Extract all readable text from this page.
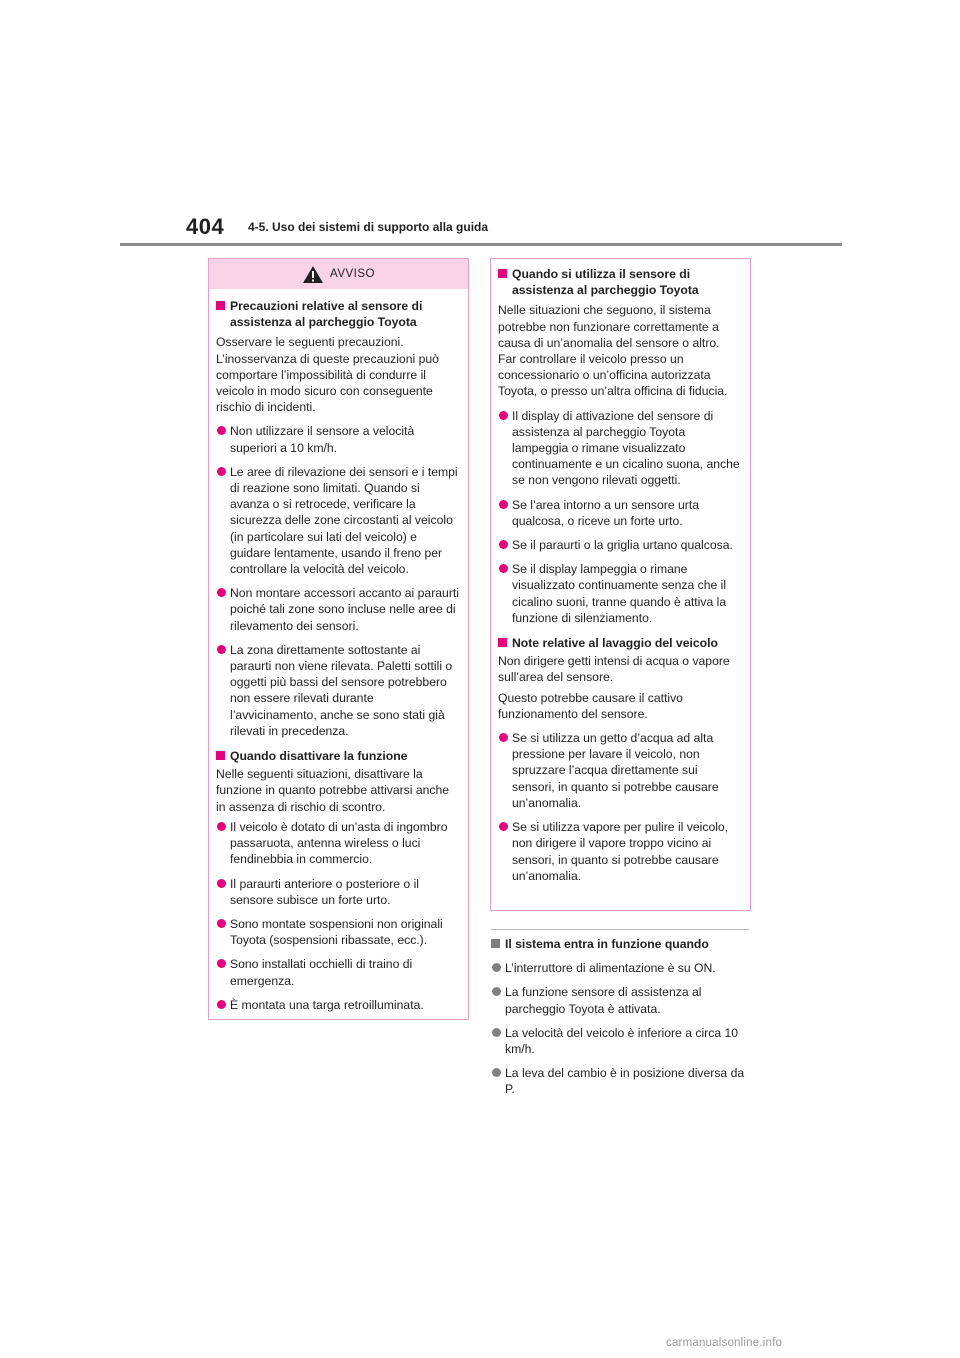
404 4-5. Uso dei sistemi di supporto alla guida
AVVISO
Precauzioni relative al sensore di assistenza al parcheggio Toyota

Osservare le seguenti precauzioni. L’inosservanza di queste precauzioni può comportare l’impossibilità di condurre il veicolo in modo sicuro con conseguente rischio di incidenti.

Non utilizzare il sensore a velocità superiori a 10 km/h.
Le aree di rilevazione dei sensori e i tempi di reazione sono limitati. Quando si avanza o si retrocede, verificare la sicurezza delle zone circostanti al veicolo (in particolare sui lati del veicolo) e guidare lentamente, usando il freno per controllare la velocità del veicolo.
Non montare accessori accanto ai paraurti poiché tali zone sono incluse nelle aree di rilevamento dei sensori.
La zona direttamente sottostante ai paraurti non viene rilevata. Paletti sottili o oggetti più bassi del sensore potrebbero non essere rilevati durante l’avvicinamento, anche se sono stati già rilevati in precedenza.
Quando disattivare la funzione

Nelle seguenti situazioni, disattivare la funzione in quanto potrebbe attivarsi anche in assenza di rischio di scontro.

Il veicolo è dotato di un’asta di ingombro passaruota, antenna wireless o luci fendinebbia in commercio.
Il paraurti anteriore o posteriore o il sensore subisce un forte urto.
Sono montate sospensioni non originali Toyota (sospensioni ribassate, ecc.).
Sono installati occhielli di traino di emergenza.
È montata una targa retroilluminata.
Quando si utilizza il sensore di assistenza al parcheggio Toyota

Nelle situazioni che seguono, il sistema potrebbe non funzionare correttamente a causa di un’anomalia del sensore o altro. Far controllare il veicolo presso un concessionario o un’officina autorizzata Toyota, o presso un’altra officina di fiducia.

Il display di attivazione del sensore di assistenza al parcheggio Toyota lampeggia o rimane visualizzato continuamente e un cicalino suona, anche se non vengono rilevati oggetti.
Se l’area intorno a un sensore urta qualcosa, o riceve un forte urto.
Se il paraurti o la griglia urtano qualcosa.
Se il display lampeggia o rimane visualizzato continuamente senza che il cicalino suoni, tranne quando è attiva la funzione di silenziamento.
Note relative al lavaggio del veicolo

Non dirigere getti intensi di acqua o vapore sull’area del sensore.

Questo potrebbe causare il cattivo funzionamento del sensore.

Se si utilizza un getto d’acqua ad alta pressione per lavare il veicolo, non spruzzare l’acqua direttamente sui sensori, in quanto si potrebbe causare un’anomalia.
Se si utilizza vapore per pulire il veicolo, non dirigere il vapore troppo vicino ai sensori, in quanto si potrebbe causare un’anomalia.
Il sistema entra in funzione quando
L’interruttore di alimentazione è su ON.
La funzione sensore di assistenza al parcheggio Toyota è attivata.
La velocità del veicolo è inferiore a circa 10 km/h.
La leva del cambio è in posizione diversa da P.
carmanualsonline.info
